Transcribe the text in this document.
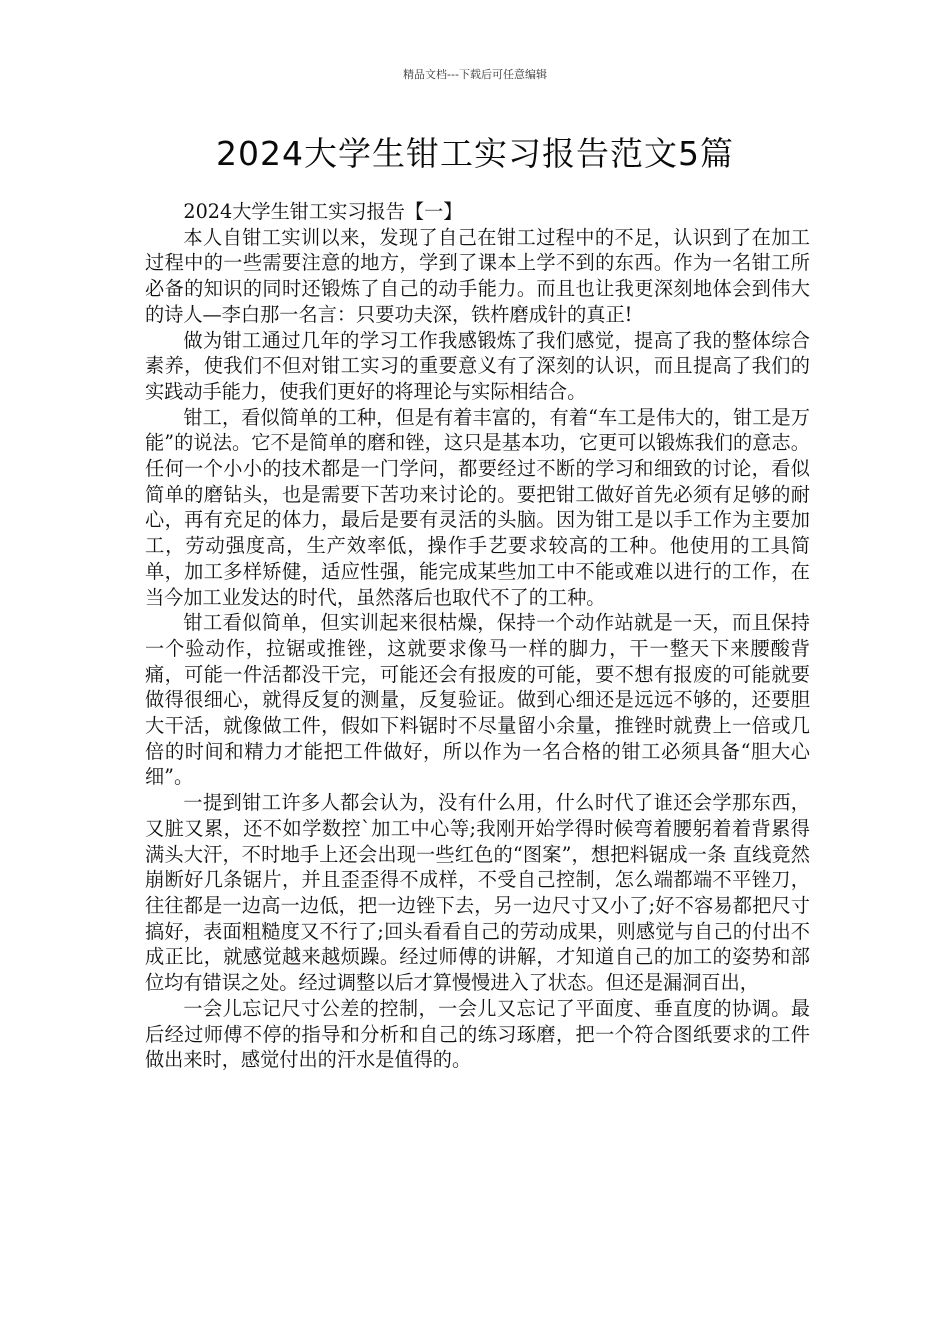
精品文档---下载后可任意编辑
2024大学生钳工实习报告范文5篇
2024大学生钳工实习报告【一】

本人自钳工实训以来，发现了自己在钳工过程中的不足，认识到了在加工过程中的一些需要注意的地方，学到了课本上学不到的东西。作为一名钳工所必备的知识的同时还锻炼了自己的动手能力。而且也让我更深刻地体会到伟大的诗人—李白那一名言：只要功夫深，铁杵磨成针的真正!

做为钳工通过几年的学习工作我感锻炼了我们感觉，提高了我的整体综合素养，使我们不但对钳工实习的重要意义有了深刻的认识，而且提高了我们的实践动手能力，使我们更好的将理论与实际相结合。

钳工，看似简单的工种，但是有着丰富的，有着“车工是伟大的，钳工是万能”的说法。它不是简单的磨和锉，这只是基本功，它更可以锻炼我们的意志。任何一个小小的技术都是一门学问，都要经过不断的学习和细致的讨论，看似简单的磨钻头，也是需要下苦功来讨论的。要把钳工做好首先必须有足够的耐心，再有充足的体力，最后是要有灵活的头脑。因为钳工是以手工作为主要加工，劳动强度高，生产效率低，操作手艺要求较高的工种。他使用的工具简单，加工多样矫健，适应性强，能完成某些加工中不能或难以进行的工作，在当今加工业发达的时代，虽然落后也取代不了的工种。

钳工看似简单，但实训起来很枯燥，保持一个动作站就是一天，而且保持一个验动作，拉锯或推锉，这就要求像马一样的脚力，干一整天下来腰酸背痛，可能一件活都没干完，可能还会有报废的可能，要不想有报废的可能就要做得很细心，就得反复的测量，反复验证。做到心细还是远远不够的，还要胆大干活，就像做工件，假如下料锯时不尽量留小余量，推锉时就费上一倍或几倍的时间和精力才能把工件做好，所以作为一名合格的钳工必须具备“胆大心细”。

一提到钳工许多人都会认为，没有什么用，什么时代了谁还会学那东西，又脏又累，还不如学数控`加工中心等;我刚开始学得时候弯着腰躬着着背累得满头大汗，不时地手上还会出现一些红色的“图案”，想把料锯成一条 直线竟然崩断好几条锯片，并且歪歪得不成样，不受自己控制，怎么端都端不平锉刀，往往都是一边高一边低，把一边锉下去，另一边尺寸又小了;好不容易都把尺寸搞好，表面粗糙度又不行了;回头看看自己的劳动成果，则感觉与自己的付出不成正比，就感觉越来越烦躁。经过师傅的讲解，才知道自己的加工的姿势和部位均有错误之处。经过调整以后才算慢慢进入了状态。但还是漏洞百出，

一会儿忘记尺寸公差的控制，一会儿又忘记了平面度、垂直度的协调。最后经过师傅不停的指导和分析和自己的练习琢磨，把一个符合图纸要求的工件做出来时，感觉付出的汗水是值得的。
